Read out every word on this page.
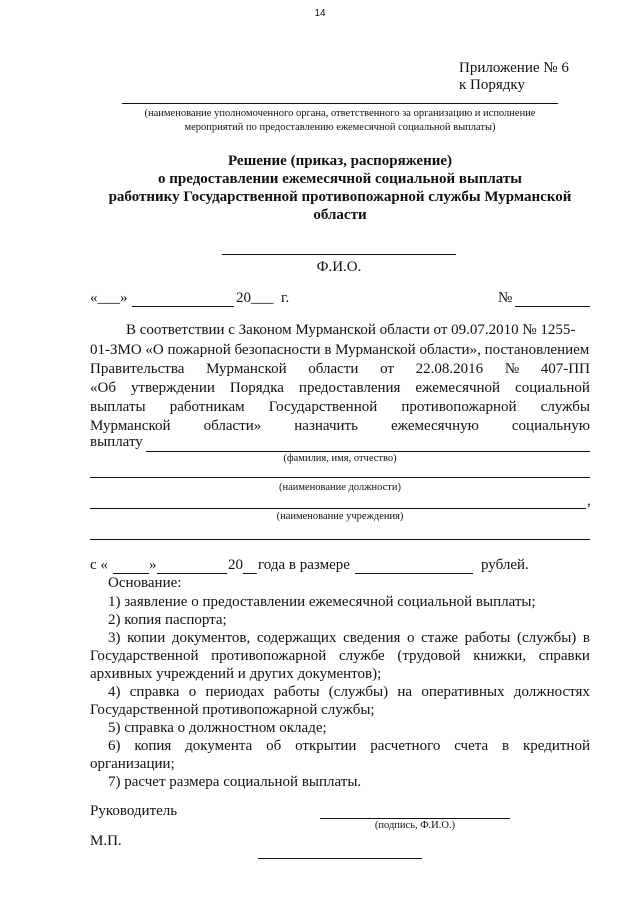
14
Приложение № 6
к Порядку
(наименование уполномоченного органа, ответственного за организацию и исполнение
мероприятий по предоставлению ежемесячной социальной выплаты)
Решение (приказ, распоряжение)
о предоставлении ежемесячной социальной выплаты
работнику Государственной противопожарной службы Мурманской
области
Ф.И.О.
«___»	20___ г.	№
В соответствии с Законом Мурманской области от 09.07.2010 № 1255-
01-ЗМО «О пожарной безопасности в Мурманской области», постановлением
Правительства Мурманской области от 22.08.2016 № 407-ПП
«Об утверждении Порядка предоставления ежемесячной социальной
выплаты работникам Государственной противопожарной службы
Мурманской области» назначить ежемесячную социальную
выплату
(фамилия, имя, отчество)
(наименование должности)
,
(наименование учреждения)
с «	»	20 года в размере	рублей.
Основание:
1) заявление о предоставлении ежемесячной социальной выплаты;
2) копия паспорта;
3) копии документов, содержащих сведения о стаже работы (службы) в
Государственной противопожарной службе (трудовой книжки, справки
архивных учреждений и других документов);
4) справка о периодах работы (службы) на оперативных должностях
Государственной противопожарной службы;
5) справка о должностном окладе;
6) копия документа об открытии расчетного счета в кредитной
организации;
7) расчет размера социальной выплаты.
Руководитель
(подпись, Ф.И.О.)
М.П.
